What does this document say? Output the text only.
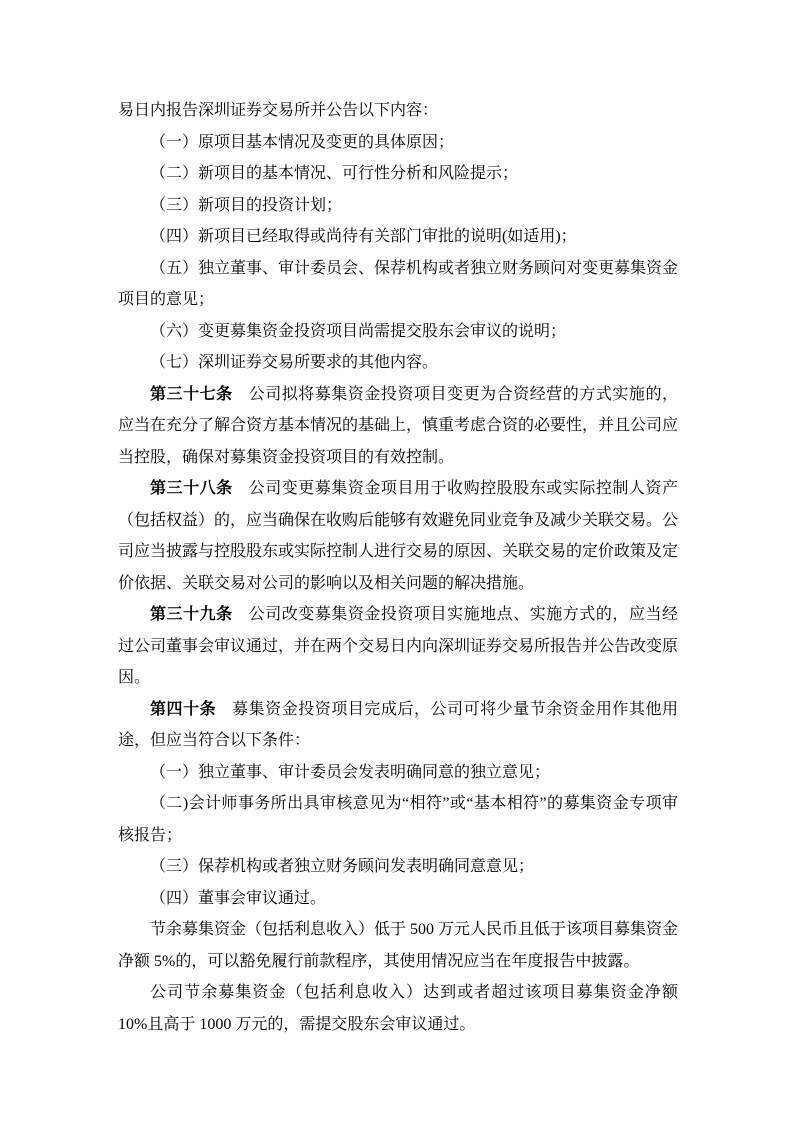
易日内报告深圳证券交易所并公告以下内容：

（一）原项目基本情况及变更的具体原因；

（二）新项目的基本情况、可行性分析和风险提示；

（三）新项目的投资计划；

（四）新项目已经取得或尚待有关部门审批的说明(如适用)；

（五）独立董事、审计委员会、保荐机构或者独立财务顾问对变更募集资金项目的意见；

（六）变更募集资金投资项目尚需提交股东会审议的说明；

（七）深圳证券交易所要求的其他内容。

第三十七条 公司拟将募集资金投资项目变更为合资经营的方式实施的，应当在充分了解合资方基本情况的基础上，慎重考虑合资的必要性，并且公司应当控股，确保对募集资金投资项目的有效控制。

第三十八条 公司变更募集资金项目用于收购控股股东或实际控制人资产（包括权益）的，应当确保在收购后能够有效避免同业竞争及减少关联交易。公司应当披露与控股股东或实际控制人进行交易的原因、关联交易的定价政策及定价依据、关联交易对公司的影响以及相关问题的解决措施。

第三十九条 公司改变募集资金投资项目实施地点、实施方式的，应当经过公司董事会审议通过，并在两个交易日内向深圳证券交易所报告并公告改变原因。

第四十条 募集资金投资项目完成后，公司可将少量节余资金用作其他用途，但应当符合以下条件：

（一）独立董事、审计委员会发表明确同意的独立意见；

（二)会计师事务所出具审核意见为“相符”或“基本相符”的募集资金专项审核报告；

（三）保荐机构或者独立财务顾问发表明确同意意见；

（四）董事会审议通过。

节余募集资金（包括利息收入）低于 500 万元人民币且低于该项目募集资金净额 5%的，可以豁免履行前款程序，其使用情况应当在年度报告中披露。

公司节余募集资金（包括利息收入）达到或者超过该项目募集资金净额 10%且高于 1000 万元的，需提交股东会审议通过。
